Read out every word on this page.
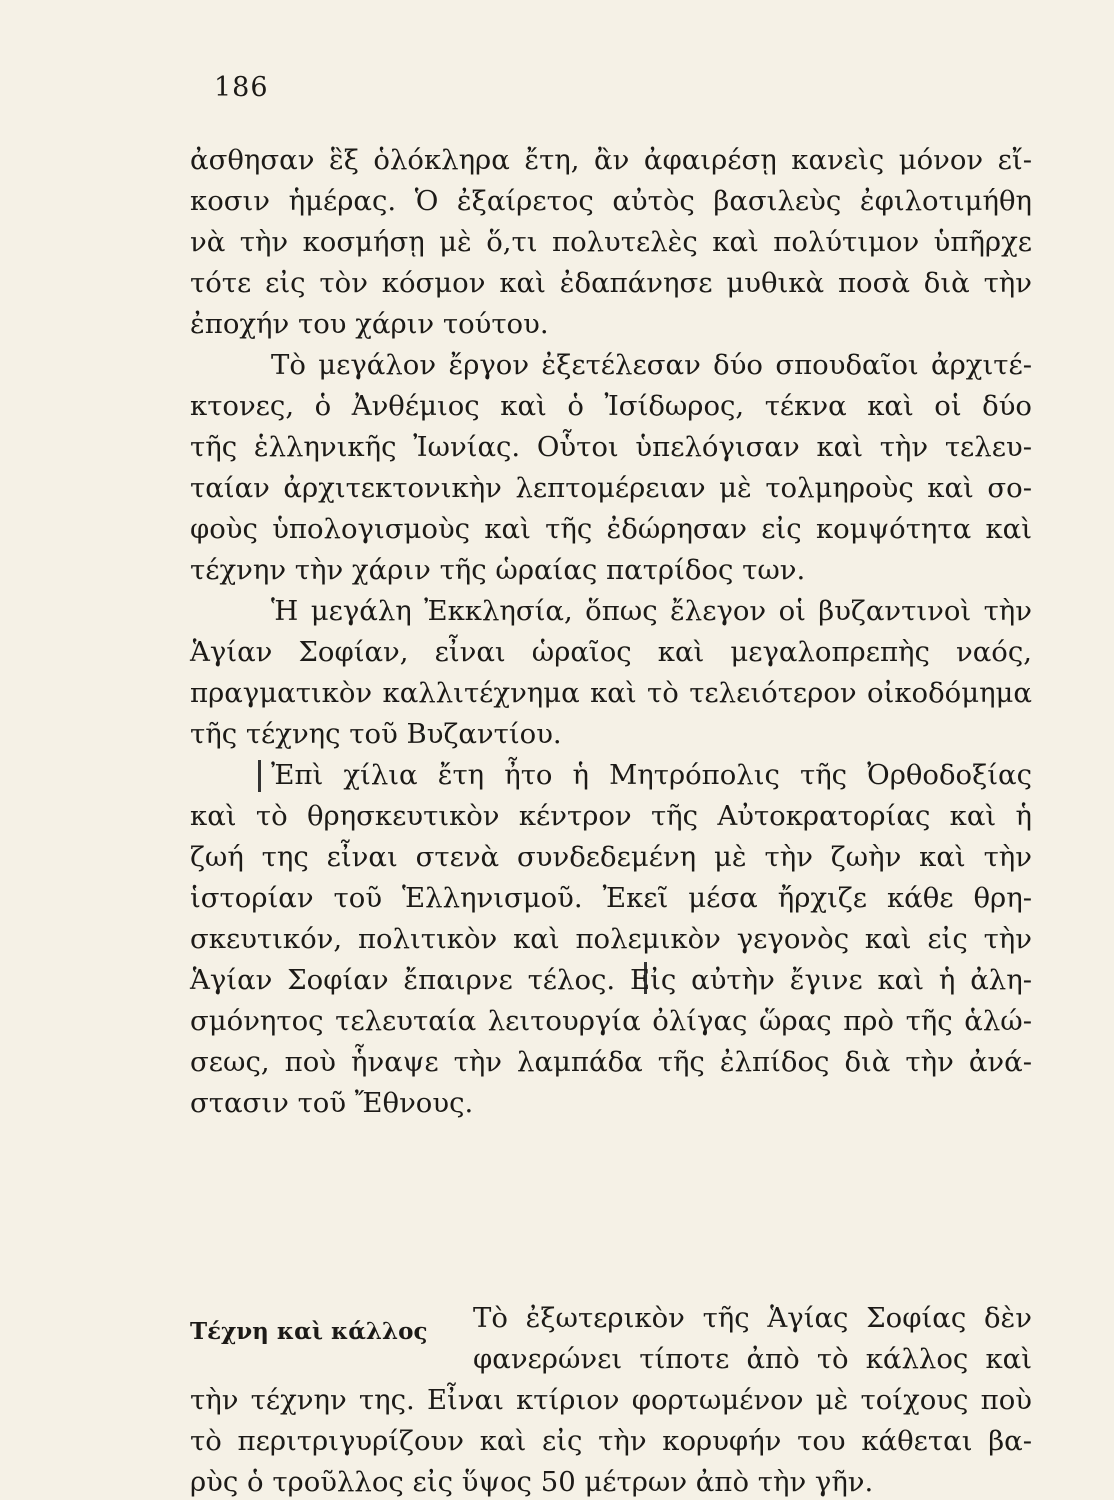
186
ἀσθησαν ἓξ ὁλόκληρα ἔτη, ἂν ἀφαιρέσῃ κανεὶς μόνον εἴ-
κοσιν ἡμέρας. Ὁ ἐξαίρετος αὐτὸς βασιλεὺς ἐφιλοτιμήθη
νὰ τὴν κοσμήσῃ μὲ ὅ,τι πολυτελὲς καὶ πολύτιμον ὑπῆρχε
τότε εἰς τὸν κόσμον καὶ ἐδαπάνησε μυθικὰ ποσὰ διὰ τὴν
ἐποχήν του χάριν τούτου.
Τὸ μεγάλον ἔργον ἐξετέλεσαν δύο σπουδαῖοι ἀρχιτέ-
κτονες, ὁ Ἀνθέμιος καὶ ὁ Ἰσίδωρος, τέκνα καὶ οἱ δύο
τῆς ἑλληνικῆς Ἰωνίας. Οὗτοι ὑπελόγισαν καὶ τὴν τελευ-
ταίαν ἀρχιτεκτονικὴν λεπτομέρειαν μὲ τολμηροὺς καὶ σο-
φοὺς ὑπολογισμοὺς καὶ τῆς ἐδώρησαν εἰς κομψότητα καὶ
τέχνην τὴν χάριν τῆς ὡραίας πατρίδος των.
Ἡ μεγάλη Ἐκκλησία, ὅπως ἔλεγον οἱ βυζαντινοὶ τὴν
Ἁγίαν Σοφίαν, εἶναι ὡραῖος καὶ μεγαλοπρεπὴς ναός,
πραγματικὸν καλλιτέχνημα καὶ τὸ τελειότερον οἰκοδόμημα
τῆς τέχνης τοῦ Βυζαντίου.
Ἐπὶ χίλια ἔτη ἦτο ἡ Μητρόπολις τῆς Ὀρθοδοξίας
καὶ τὸ θρησκευτικὸν κέντρον τῆς Αὐτοκρατορίας καὶ ἡ
ζωή της εἶναι στενὰ συνδεδεμένη μὲ τὴν ζωὴν καὶ τὴν
ἱστορίαν τοῦ Ἑλληνισμοῦ. Ἐκεῖ μέσα ἤρχιζε κάθε θρη-
σκευτικόν, πολιτικὸν καὶ πολεμικὸν γεγονὸς καὶ εἰς τὴν
Ἁγίαν Σοφίαν ἔπαιρνε τέλος. Εἰς αὐτὴν ἔγινε καὶ ἡ ἀλη-
σμόνητος τελευταία λειτουργία ὀλίγας ὥρας πρὸ τῆς ἁλώ-
σεως, ποὺ ἧναψε τὴν λαμπάδα τῆς ἐλπίδος διὰ τὴν ἀνά-
στασιν τοῦ Ἔθνους.
Τέχνη καὶ κάλλος Τὸ ἐξωτερικὸν τῆς Ἁγίας Σοφίας δὲν
φανερώνει τίποτε ἀπὸ τὸ κάλλος καὶ
τὴν τέχνην της. Εἶναι κτίριον φορτωμένον μὲ τοίχους ποὺ
τὸ περιτριγυρίζουν καὶ εἰς τὴν κορυφήν του κάθεται βα-
ρὺς ὁ τροῦλλος εἰς ὕψος 50 μέτρων ἀπὸ τὴν γῆν.
